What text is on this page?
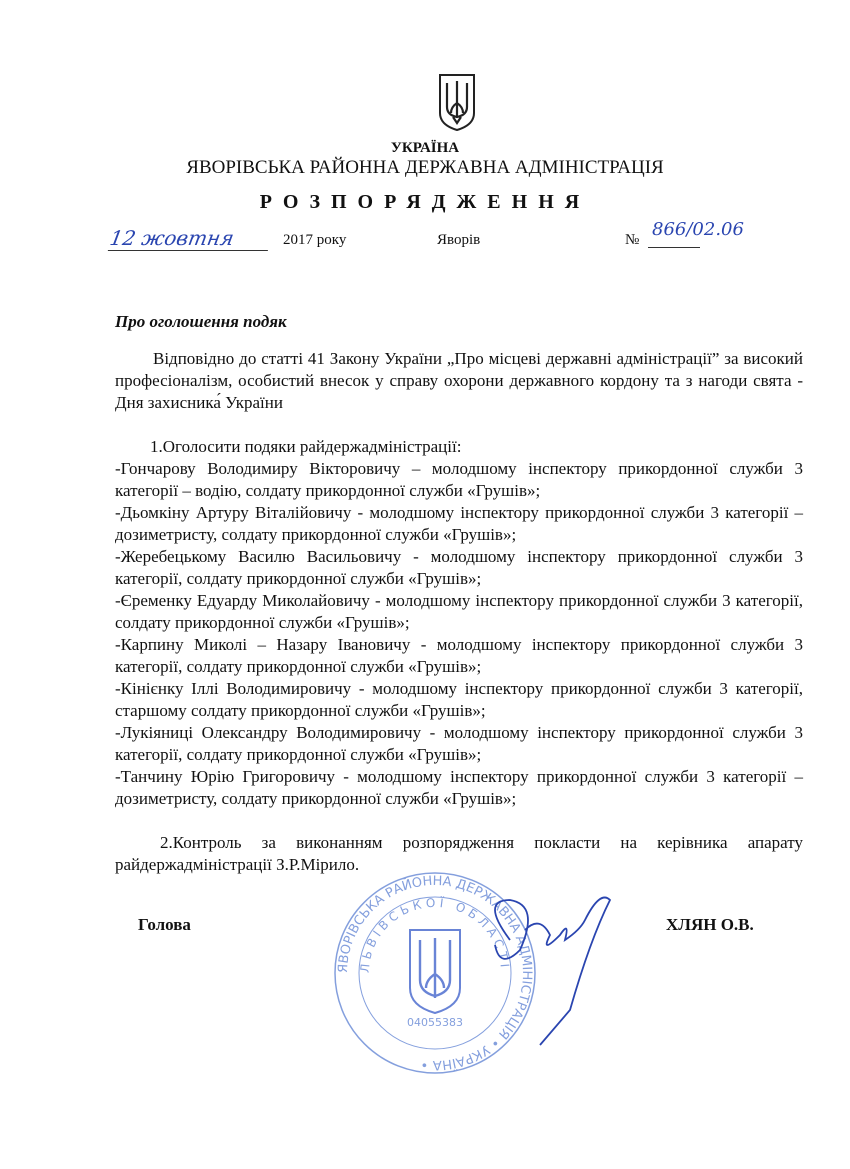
УКРАЇНА
ЯВОРІВСЬКА РАЙОННА ДЕРЖАВНА АДМІНІСТРАЦІЯ
РОЗПОРЯДЖЕННЯ
12 жовтня	2017 року	Яворів	№ 866/02.06
Про оголошення подяк

Відповідно до статті 41 Закону України „Про місцеві державні адміністрації” за високий професіоналізм, особистий внесок у справу охорони державного кордону та з нагоди свята - Дня захисника́ України

1.Оголосити подяки райдержадміністрації:

-Гончарову Володимиру Вікторовичу – молодшому інспектору прикордонної служби 3 категорії – водію, солдату прикордонної служби «Грушів»;

-Дьомкіну Артуру Віталійовичу - молодшому інспектору прикордонної служби 3 категорії – дозиметристу, солдату прикордонної служби «Грушів»;

-Жеребецькому Василю Васильовичу - молодшому інспектору прикордонної служби 3 категорії, солдату прикордонної служби «Грушів»;

-Єременку Едуарду Миколайовичу - молодшому інспектору прикордонної служби 3 категорії, солдату прикордонної служби «Грушів»;

-Карпину Миколі – Назару Івановичу - молодшому інспектору прикордонної служби 3 категорії, солдату прикордонної служби «Грушів»;

-Кінієнку Іллі Володимировичу - молодшому інспектору прикордонної служби 3 категорії, старшому солдату прикордонної служби «Грушів»;

-Лукіяниці Олександру Володимировичу - молодшому інспектору прикордонної служби 3 категорії, солдату прикордонної служби «Грушів»;

-Танчину Юрію Григоровичу - молодшому інспектору прикордонної служби 3 категорії – дозиметристу, солдату прикордонної служби «Грушів»;

2.Контроль за виконанням розпорядження покласти на керівника апарату райдержадміністрації З.Р.Мірило.

Голова	ХЛЯН О.В.
ЯВОРІВСЬКА РАЙОННА ДЕРЖАВНА АДМІНІСТРАЦІЯ • УКРАЇНА •
ЛЬВІВСЬКОЇ ОБЛАСТІ
04055383
